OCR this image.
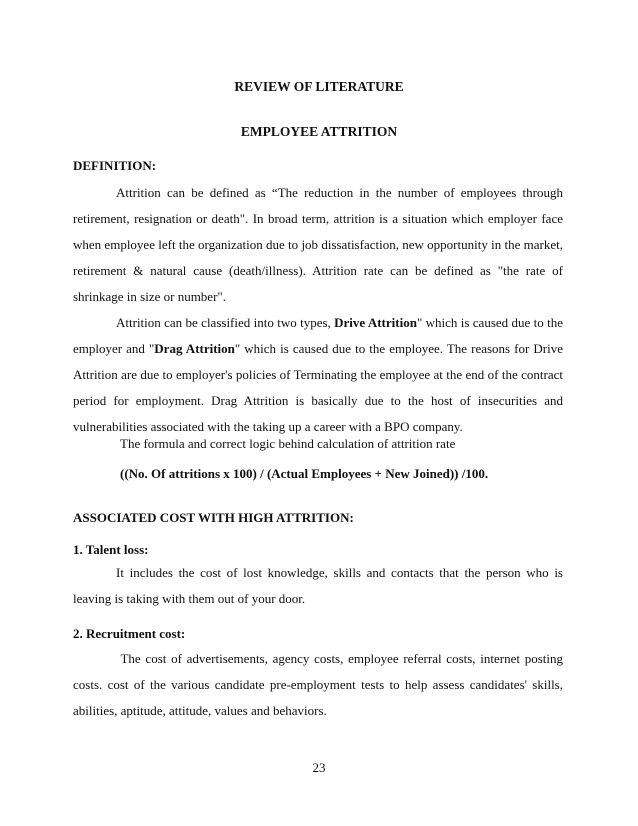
REVIEW OF LITERATURE

EMPLOYEE ATTRITION

DEFINITION:

Attrition can be defined as “The reduction in the number of employees through retirement, resignation or death". In broad term, attrition is a situation which employer face when employee left the organization due to job dissatisfaction, new opportunity in the market, retirement & natural cause (death/illness). Attrition rate can be defined as "the rate of shrinkage in size or number".

Attrition can be classified into two types, Drive Attrition" which is caused due to the employer and "Drag Attrition" which is caused due to the employee. The reasons for Drive Attrition are due to employer's policies of Terminating the employee at the end of the contract period for employment. Drag Attrition is basically due to the host of insecurities and vulnerabilities associated with the taking up a career with a BPO company.

The formula and correct logic behind calculation of attrition rate

((No. Of attritions x 100) / (Actual Employees + New Joined)) /100.

ASSOCIATED COST WITH HIGH ATTRITION:

1. Talent loss:

It includes the cost of lost knowledge, skills and contacts that the person who is leaving is taking with them out of your door.

2. Recruitment cost:

The cost of advertisements, agency costs, employee referral costs, internet posting costs. cost of the various candidate pre-employment tests to help assess candidates' skills, abilities, aptitude, attitude, values and behaviors.

23
